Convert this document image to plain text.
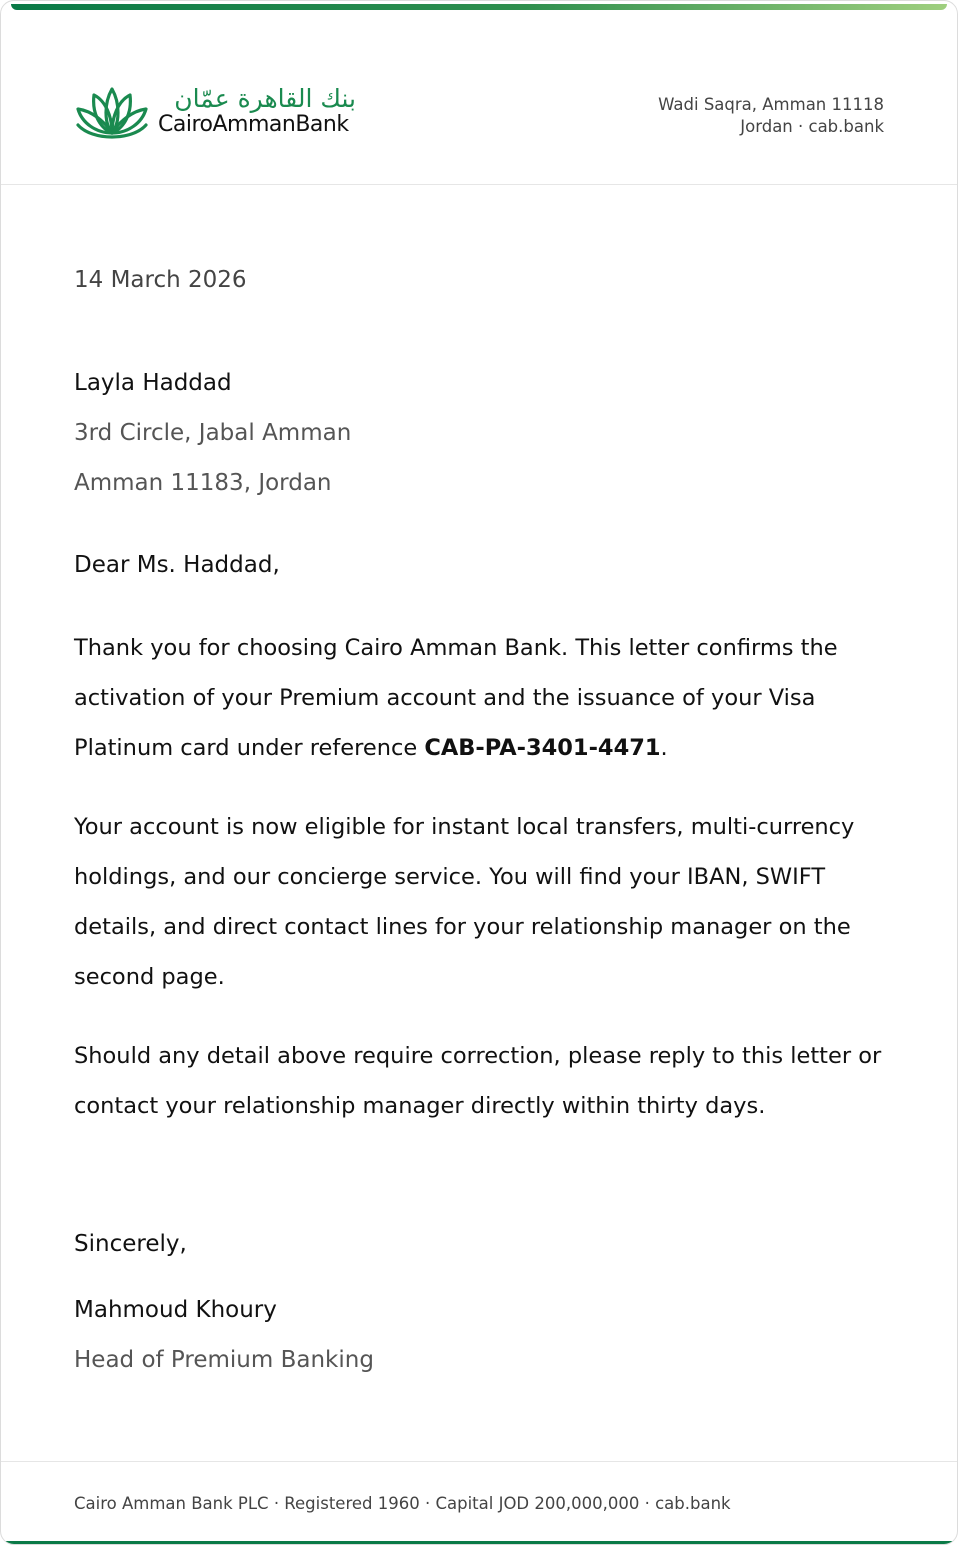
بنك القاهرة عمّان
CairoAmmanBank
Wadi Saqra, Amman 11118
Jordan · cab.bank
14 March 2026
Layla Haddad
3rd Circle, Jabal Amman
Amman 11183, Jordan
Dear Ms. Haddad,

Thank you for choosing Cairo Amman Bank. This letter confirms the activation of your Premium account and the issuance of your Visa Platinum card under reference CAB-PA-3401-4471.

Your account is now eligible for instant local transfers, multi-currency holdings, and our concierge service. You will find your IBAN, SWIFT details, and direct contact lines for your relationship manager on the second page.

Should any detail above require correction, please reply to this letter or contact your relationship manager directly within thirty days.

Sincerely,
Mahmoud Khoury
Head of Premium Banking
Cairo Amman Bank PLC · Registered 1960 · Capital JOD 200,000,000 · cab.bank
